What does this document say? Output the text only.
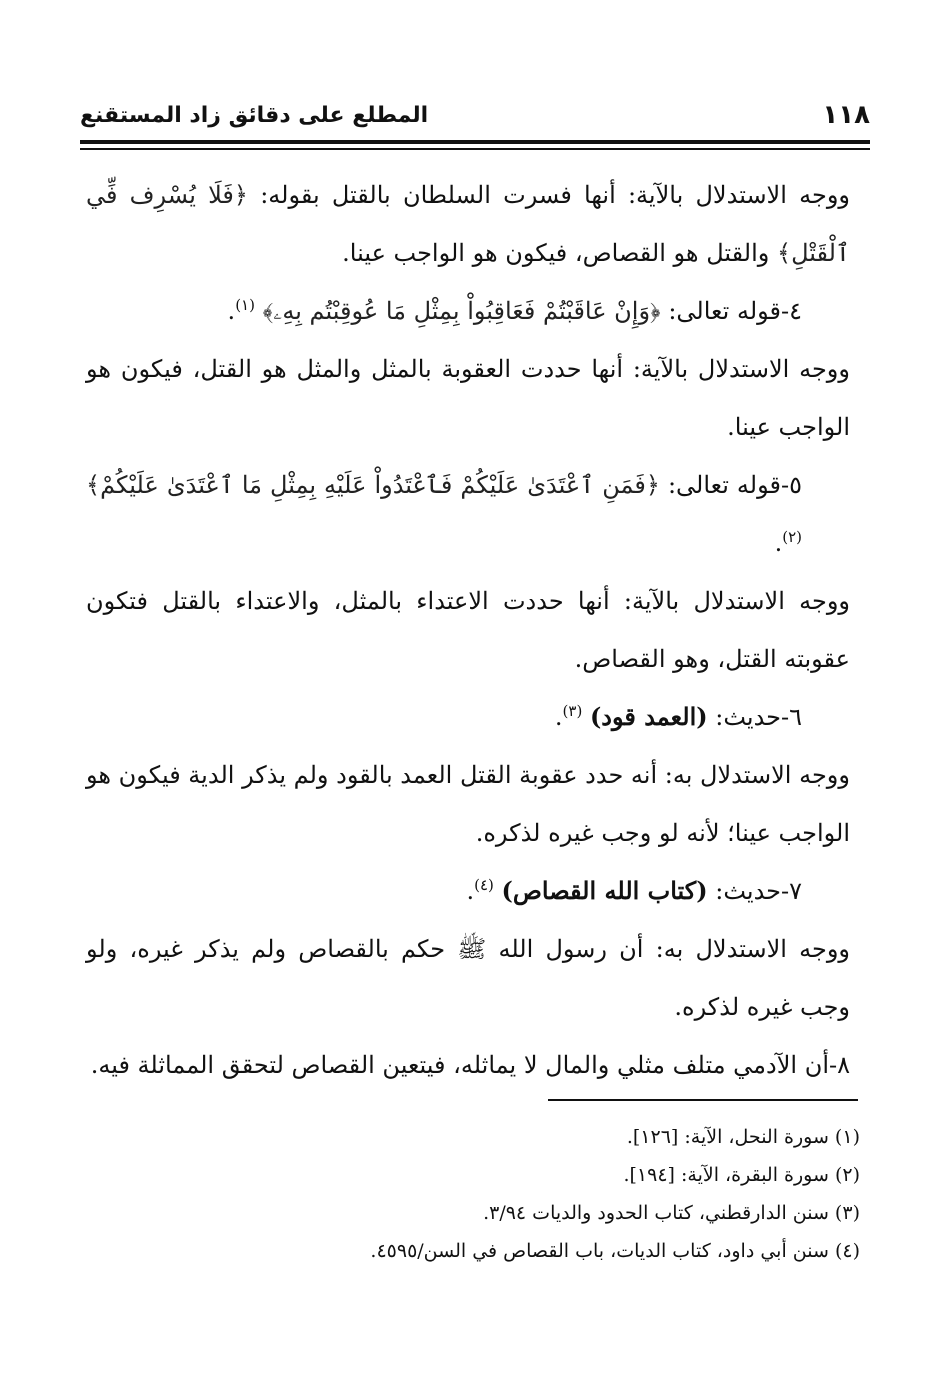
١١٨
المطلع على دقائق زاد المستقنع

ووجه الاستدلال بالآية: أنها فسرت السلطان بالقتل بقوله: ﴿فَلَا يُسْرِف فِّي ٱلْقَتْلِ﴾ والقتل هو القصاص، فيكون هو الواجب عينا.

٤-قوله تعالى: ﴿وَإِنْ عَاقَبْتُمْ فَعَاقِبُواْ بِمِثْلِ مَا عُوقِبْتُم بِهِۦ﴾ $^{(١)}$.

ووجه الاستدلال بالآية: أنها حددت العقوبة بالمثل والمثل هو القتل، فيكون هو الواجب عينا.

٥-قوله تعالى: ﴿فَمَنِ ٱعْتَدَىٰ عَلَيْكُمْ فَٱعْتَدُواْ عَلَيْهِ بِمِثْلِ مَا ٱعْتَدَىٰ عَلَيْكُمْ﴾ $^{(٢)}$.

ووجه الاستدلال بالآية: أنها حددت الاعتداء بالمثل، والاعتداء بالقتل فتكون عقوبته القتل، وهو القصاص.

٦-حديث: (العمد قود) $^{(٣)}$.

ووجه الاستدلال به: أنه حدد عقوبة القتل العمد بالقود ولم يذكر الدية فيكون هو الواجب عينا؛ لأنه لو وجب غيره لذكره.

٧-حديث: (كتاب الله القصاص) $^{(٤)}$.

ووجه الاستدلال به: أن رسول الله ﷺ حكم بالقصاص ولم يذكر غيره، ولو وجب غيره لذكره.

٨-أن الآدمي متلف مثلي والمال لا يماثله، فيتعين القصاص لتحقق المماثلة فيه.

(١) سورة النحل، الآية: [١٢٦].

(٢) سورة البقرة، الآية: [١٩٤].

(٣) سنن الدارقطني، كتاب الحدود والديات ٣/٩٤.

(٤) سنن أبي داود، كتاب الديات، باب القصاص في السن/٤٥٩٥.
